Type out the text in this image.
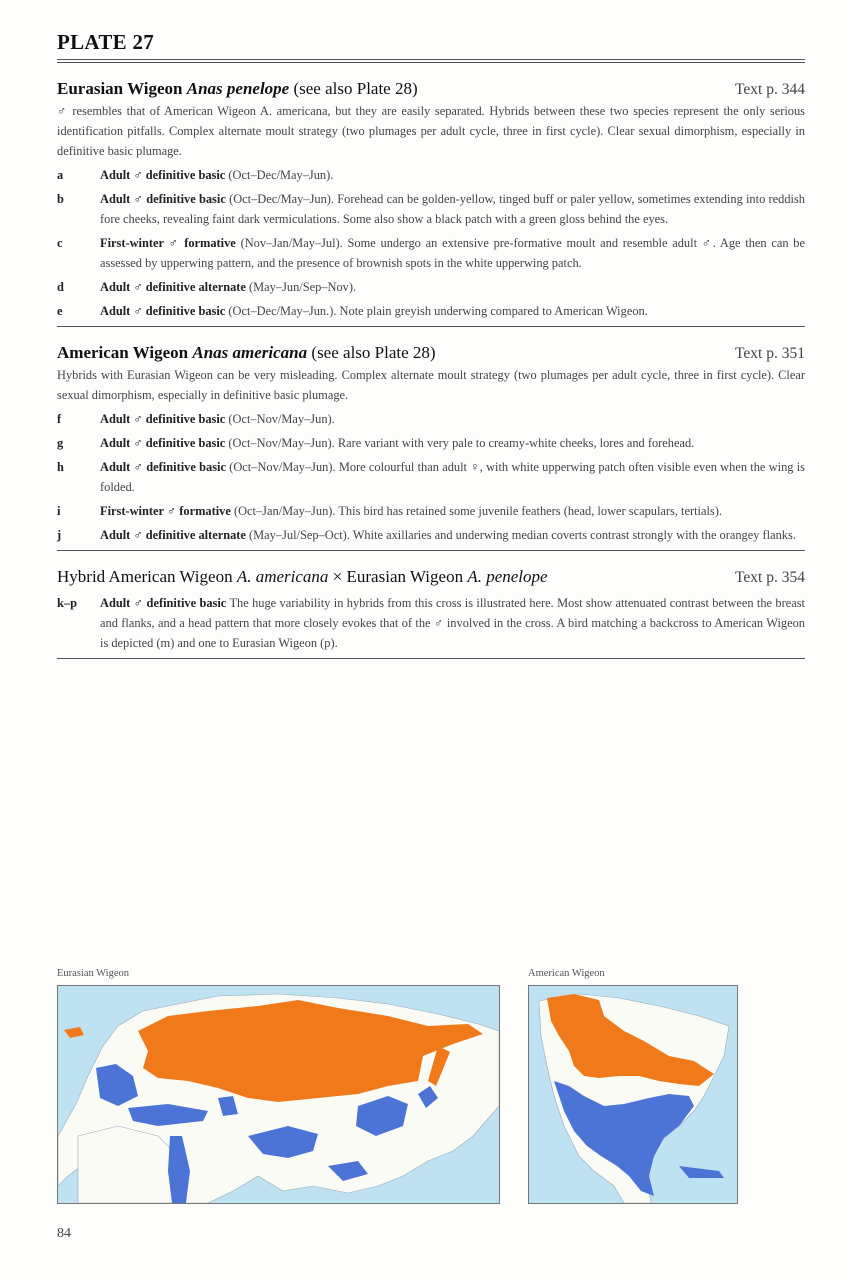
PLATE 27
Eurasian Wigeon Anas penelope (see also Plate 28)	Text p. 344
♂ resembles that of American Wigeon A. americana, but they are easily separated. Hybrids between these two species represent the only serious identification pitfalls. Complex alternate moult strategy (two plumages per adult cycle, three in first cycle). Clear sexual dimorphism, especially in definitive basic plumage.
a	Adult ♂ definitive basic (Oct–Dec/May–Jun).
b	Adult ♂ definitive basic (Oct–Dec/May–Jun). Forehead can be golden-yellow, tinged buff or paler yellow, sometimes extending into reddish fore cheeks, revealing faint dark vermiculations. Some also show a black patch with a green gloss behind the eyes.
c	First-winter ♂ formative (Nov–Jan/May–Jul). Some undergo an extensive pre-formative moult and resemble adult ♂. Age then can be assessed by upperwing pattern, and the presence of brownish spots in the white upperwing patch.
d	Adult ♂ definitive alternate (May–Jun/Sep–Nov).
e	Adult ♂ definitive basic (Oct–Dec/May–Jun.). Note plain greyish underwing compared to American Wigeon.
American Wigeon Anas americana (see also Plate 28)	Text p. 351
Hybrids with Eurasian Wigeon can be very misleading. Complex alternate moult strategy (two plumages per adult cycle, three in first cycle). Clear sexual dimorphism, especially in definitive basic plumage.
f	Adult ♂ definitive basic (Oct–Nov/May–Jun).
g	Adult ♂ definitive basic (Oct–Nov/May–Jun). Rare variant with very pale to creamy-white cheeks, lores and forehead.
h	Adult ♂ definitive basic (Oct–Nov/May–Jun). More colourful than adult ♀, with white upperwing patch often visible even when the wing is folded.
i	First-winter ♂ formative (Oct–Jan/May–Jun). This bird has retained some juvenile feathers (head, lower scapulars, tertials).
j	Adult ♂ definitive alternate (May–Jul/Sep–Oct). White axillaries and underwing median coverts contrast strongly with the orangey flanks.
Hybrid American Wigeon A. americana × Eurasian Wigeon A. penelope	Text p. 354
k–p	Adult ♂ definitive basic The huge variability in hybrids from this cross is illustrated here. Most show attenuated contrast between the breast and flanks, and a head pattern that more closely evokes that of the ♂ involved in the cross. A bird matching a backcross to American Wigeon is depicted (m) and one to Eurasian Wigeon (p).
Eurasian Wigeon	American Wigeon
84
